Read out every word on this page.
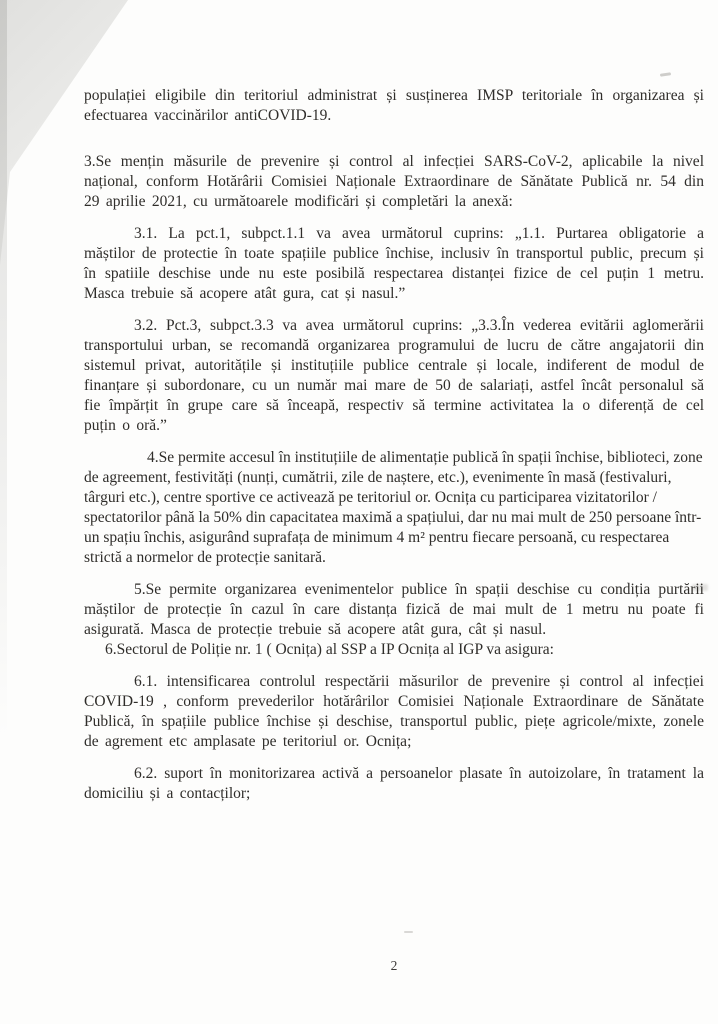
populației eligibile din teritoriul administrat și susținerea IMSP teritoriale în organizarea și efectuarea vaccinărilor antiCOVID-19.

3.Se mențin măsurile de prevenire și control al infecției SARS-CoV-2, aplicabile la nivel național, conform Hotărârii Comisiei Naționale Extraordinare de Sănătate Publică nr. 54 din 29 aprilie 2021, cu următoarele modificări și completări la anexă:

3.1. La pct.1, subpct.1.1 va avea următorul cuprins: „1.1. Purtarea obligatorie a măștilor de protectie în toate spațiile publice închise, inclusiv în transportul public, precum și în spatiile deschise unde nu este posibilă respectarea distanței fizice de cel puțin 1 metru. Masca trebuie să acopere atât gura, cat și nasul.”

3.2. Pct.3, subpct.3.3 va avea următorul cuprins: „3.3.În vederea evitării aglomerării transportului urban, se recomandă organizarea programului de lucru de către angajatorii din sistemul privat, autoritățile și instituțiile publice centrale și locale, indiferent de modul de finanțare și subordonare, cu un număr mai mare de 50 de salariați, astfel încât personalul să fie împărțit în grupe care să înceapă, respectiv să termine activitatea la o diferență de cel puțin o oră.”

4.Se permite accesul în instituțiile de alimentație publică în spații închise, biblioteci, zone de agreement, festivități (nunți, cumătrii, zile de naștere, etc.), evenimente în masă (festivaluri, târguri etc.), centre sportive ce activează pe teritoriul or. Ocnița cu participarea vizitatorilor / spectatorilor până la 50% din capacitatea maximă a spațiului, dar nu mai mult de 250 persoane într-un spațiu închis, asigurând suprafața de minimum 4 m² pentru fiecare persoană, cu respectarea strictă a normelor de protecție sanitară.

5.Se permite organizarea evenimentelor publice în spații deschise cu condiția purtării măștilor de protecție în cazul în care distanța fizică de mai mult de 1 metru nu poate fi asigurată. Masca de protecție trebuie să acopere atât gura, cât și nasul.

6.Sectorul de Poliție nr. 1 ( Ocnița) al SSP a IP Ocnița al IGP va asigura:

6.1. intensificarea controlul respectării măsurilor de prevenire și control al infecției COVID-19 , conform prevederilor hotărârilor Comisiei Naționale Extraordinare de Sănătate Publică, în spațiile publice închise și deschise, transportul public, piețe agricole/mixte, zonele de agrement etc amplasate pe teritoriul or. Ocnița;

6.2. suport în monitorizarea activă a persoanelor plasate în autoizolare, în tratament la domiciliu și a contacților;

2
